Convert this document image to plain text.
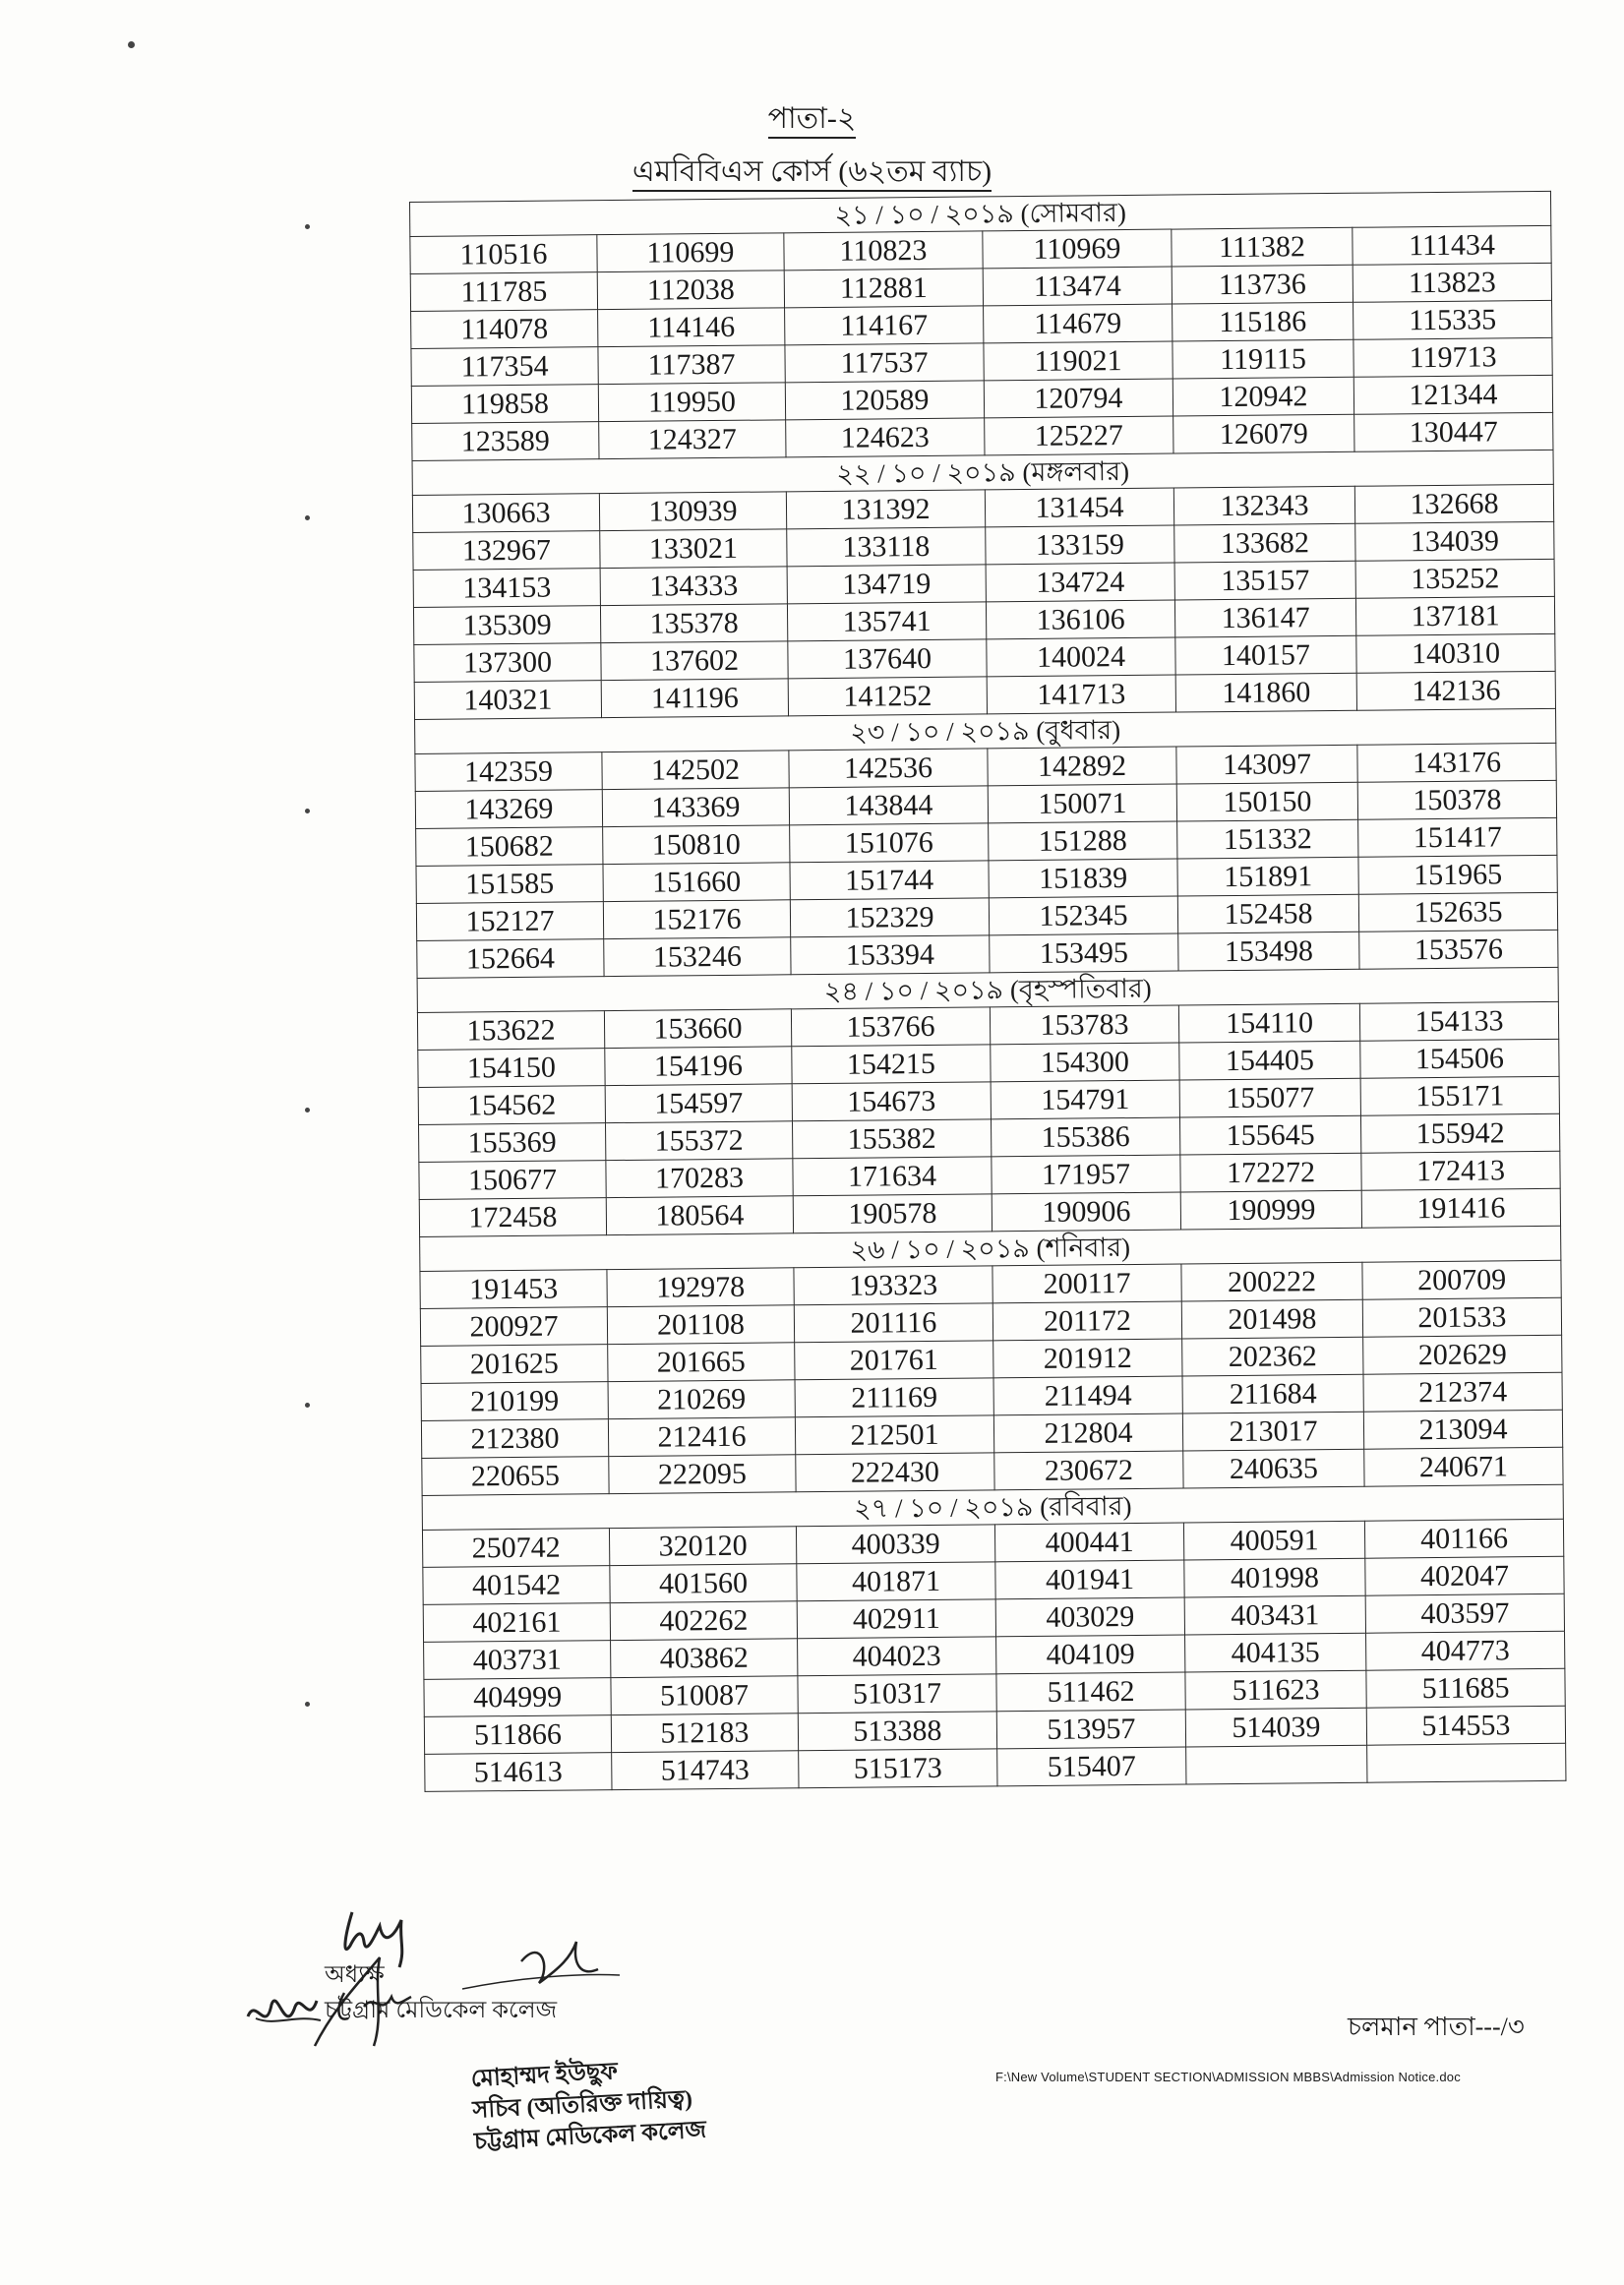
পাতা-২
এমবিবিএস কোর্স (৬২তম ব্যাচ)
২১ / ১০ / ২০১৯ (সোমবার)					
110516	110699	110823	110969	111382	111434
111785	112038	112881	113474	113736	113823
114078	114146	114167	114679	115186	115335
117354	117387	117537	119021	119115	119713
119858	119950	120589	120794	120942	121344
123589	124327	124623	125227	126079	130447
২২ / ১০ / ২০১৯ (মঙ্গলবার)					
130663	130939	131392	131454	132343	132668
132967	133021	133118	133159	133682	134039
134153	134333	134719	134724	135157	135252
135309	135378	135741	136106	136147	137181
137300	137602	137640	140024	140157	140310
140321	141196	141252	141713	141860	142136
২৩ / ১০ / ২০১৯ (বুধবার)					
142359	142502	142536	142892	143097	143176
143269	143369	143844	150071	150150	150378
150682	150810	151076	151288	151332	151417
151585	151660	151744	151839	151891	151965
152127	152176	152329	152345	152458	152635
152664	153246	153394	153495	153498	153576
২৪ / ১০ / ২০১৯ (বৃহস্পতিবার)					
153622	153660	153766	153783	154110	154133
154150	154196	154215	154300	154405	154506
154562	154597	154673	154791	155077	155171
155369	155372	155382	155386	155645	155942
150677	170283	171634	171957	172272	172413
172458	180564	190578	190906	190999	191416
২৬ / ১০ / ২০১৯ (শনিবার)					
191453	192978	193323	200117	200222	200709
200927	201108	201116	201172	201498	201533
201625	201665	201761	201912	202362	202629
210199	210269	211169	211494	211684	212374
212380	212416	212501	212804	213017	213094
220655	222095	222430	230672	240635	240671
২৭ / ১০ / ২০১৯ (রবিবার)					
250742	320120	400339	400441	400591	401166
401542	401560	401871	401941	401998	402047
402161	402262	402911	403029	403431	403597
403731	403862	404023	404109	404135	404773
404999	510087	510317	511462	511623	511685
511866	512183	513388	513957	514039	514553
514613	514743	515173	515407		
অধ্যক্ষ
চট্টগ্রাম মেডিকেল কলেজ
মোহাম্মদ ইউছুফ
সচিব (অতিরিক্ত দায়িত্ব)
চট্টগ্রাম মেডিকেল কলেজ
চলমান পাতা---/৩
F:\New Volume\STUDENT SECTION\ADMISSION MBBS\Admission Notice.doc
